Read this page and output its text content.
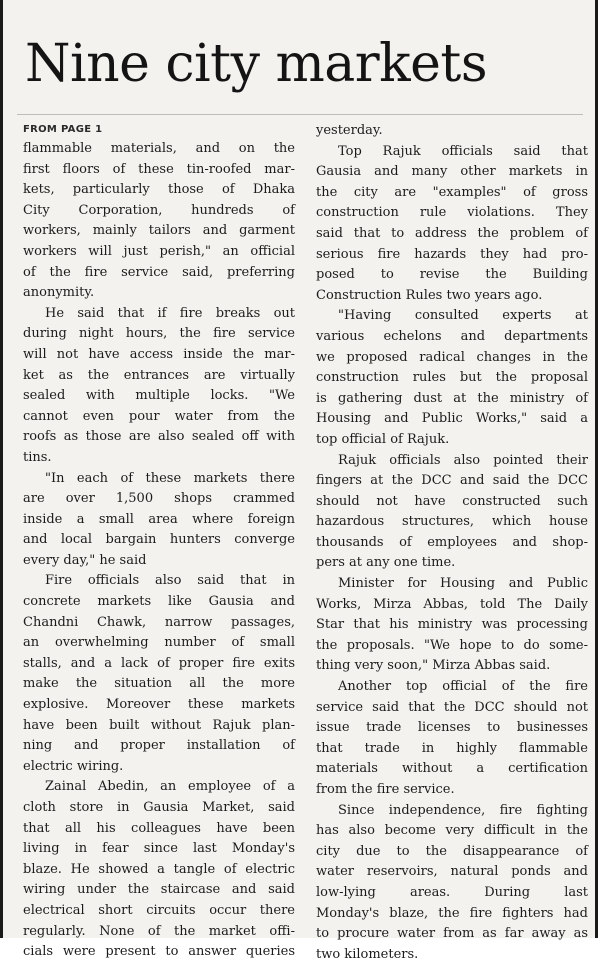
Nine city markets
FROM PAGE 1
flammable materials, and on the
first floors of these tin-roofed mar-
kets, particularly those of Dhaka
City Corporation, hundreds of
workers, mainly tailors and garment
workers will just perish," an official
of the fire service said, preferring
anonymity.
He said that if fire breaks out
during night hours, the fire service
will not have access inside the mar-
ket as the entrances are virtually
sealed with multiple locks. "We
cannot even pour water from the
roofs as those are also sealed off with
tins.
"In each of these markets there
are over 1,500 shops crammed
inside a small area where foreign
and local bargain hunters converge
every day," he said
Fire officials also said that in
concrete markets like Gausia and
Chandni Chawk, narrow passages,
an overwhelming number of small
stalls, and a lack of proper fire exits
make the situation all the more
explosive. Moreover these markets
have been built without Rajuk plan-
ning and proper installation of
electric wiring.
Zainal Abedin, an employee of a
cloth store in Gausia Market, said
that all his colleagues have been
living in fear since last Monday's
blaze. He showed a tangle of electric
wiring under the staircase and said
electrical short circuits occur there
regularly. None of the market offi-
cials were present to answer queries
yesterday.
Top Rajuk officials said that
Gausia and many other markets in
the city are "examples" of gross
construction rule violations. They
said that to address the problem of
serious fire hazards they had pro-
posed to revise the Building
Construction Rules two years ago.
"Having consulted experts at
various echelons and departments
we proposed radical changes in the
construction rules but the proposal
is gathering dust at the ministry of
Housing and Public Works," said a
top official of Rajuk.
Rajuk officials also pointed their
fingers at the DCC and said the DCC
should not have constructed such
hazardous structures, which house
thousands of employees and shop-
pers at any one time.
Minister for Housing and Public
Works, Mirza Abbas, told The Daily
Star that his ministry was processing
the proposals. "We hope to do some-
thing very soon," Mirza Abbas said.
Another top official of the fire
service said that the DCC should not
issue trade licenses to businesses
that trade in highly flammable
materials without a certification
from the fire service.
Since independence, fire fighting
has also become very difficult in the
city due to the disappearance of
water reservoirs, natural ponds and
low-lying areas. During last
Monday's blaze, the fire fighters had
to procure water from as far away as
two kilometers.
